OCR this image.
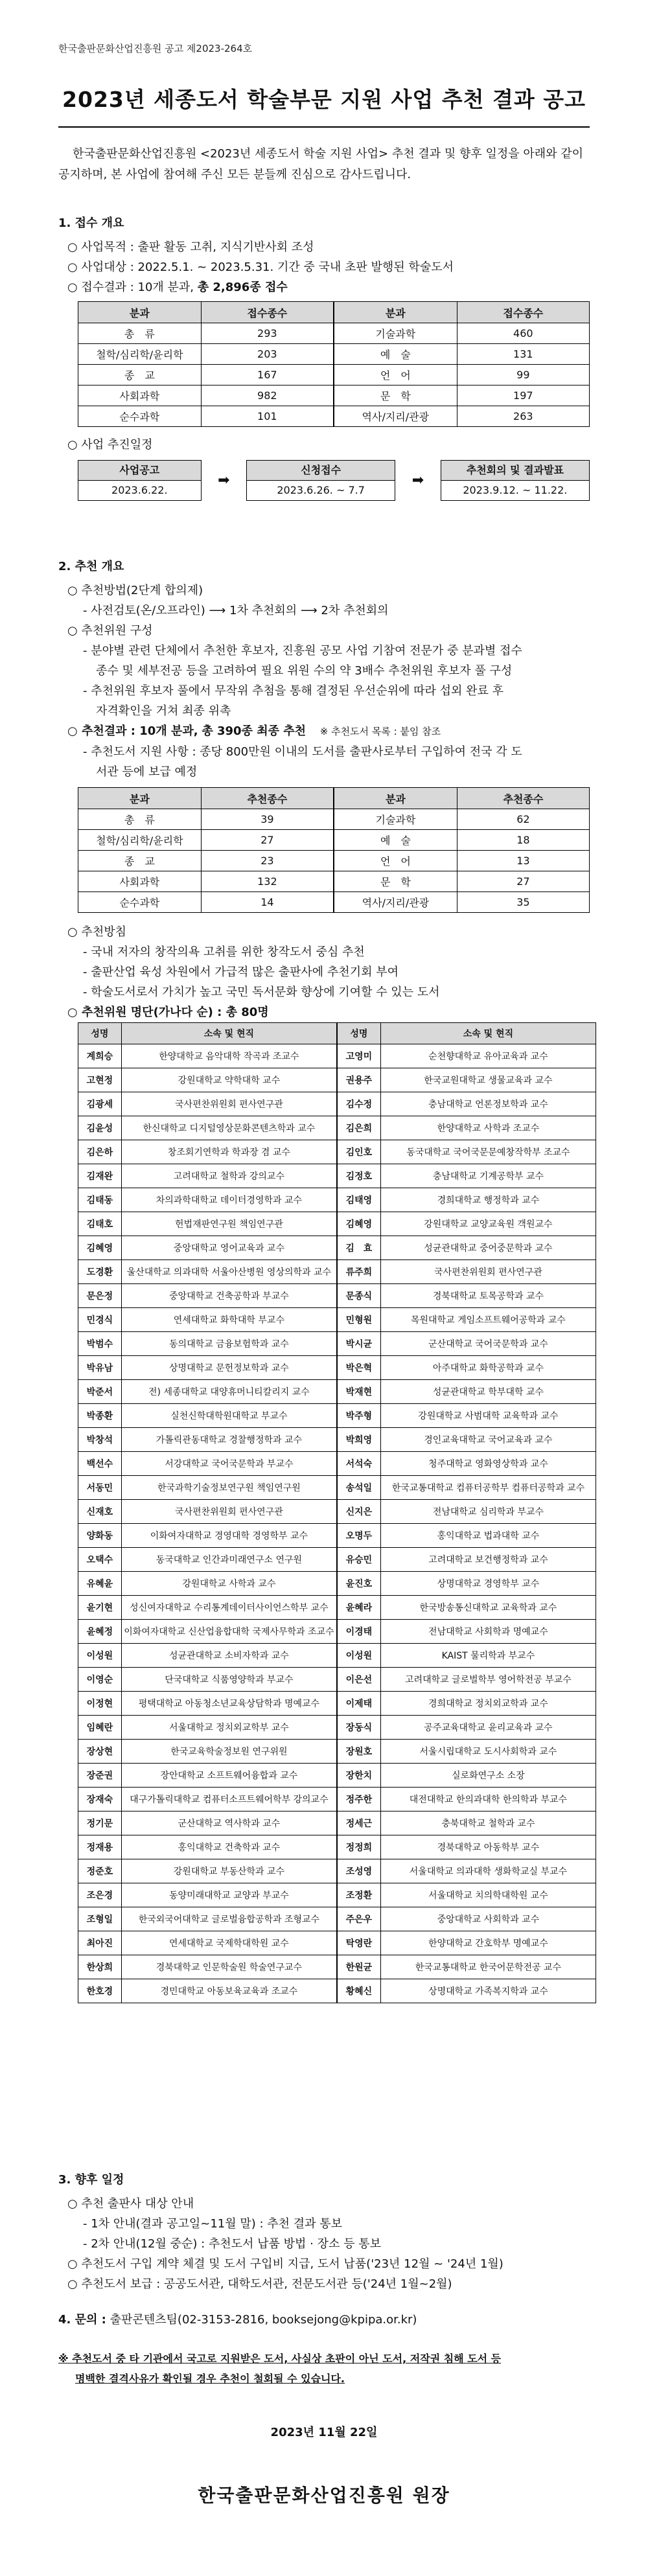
한국출판문화산업진흥원 공고 제2023-264호
2023년 세종도서 학술부문 지원 사업 추천 결과 공고
한국출판문화산업진흥원 <2023년 세종도서 학술 지원 사업> 추천 결과 및 향후 일정을 아래와 같이 공지하며, 본 사업에 참여해 주신 모든 분들께 진심으로 감사드립니다.

1. 접수 개요

○ 사업목적 : 출판 활동 고취, 지식기반사회 조성

○ 사업대상 : 2022.5.1. ~ 2023.5.31. 기간 중 국내 초판 발행된 학술도서

○ 접수결과 : 10개 분과, 총 2,896종 접수

분과	접수종수	분과	접수종수
총　류	293	기술과학	460
철학/심리학/윤리학	203	예　술	131
종　교	167	언　어	99
사회과학	982	문　학	197
순수과학	101	역사/지리/관광	263

○ 사업 추진일정

사업공고
2023.6.22.
➡
신청접수
2023.6.26. ~ 7.7
➡
추천회의 및 결과발표
2023.9.12. ~ 11.22.

2. 추천 개요

○ 추천방법(2단계 합의제)

- 사전검토(온/오프라인) ⟶ 1차 추천회의 ⟶ 2차 추천회의

○ 추천위원 구성

- 분야별 관련 단체에서 추천한 후보자, 진흥원 공모 사업 기참여 전문가 중 분과별 접수

종수 및 세부전공 등을 고려하여 필요 위원 수의 약 3배수 추천위원 후보자 풀 구성

- 추천위원 후보자 풀에서 무작위 추첨을 통해 결정된 우선순위에 따라 섭외 완료 후

자격확인을 거쳐 최종 위촉

○ 추천결과 : 10개 분과, 총 390종 최종 추천 ※ 추천도서 목록 : 붙임 참조

- 추천도서 지원 사항 : 종당 800만원 이내의 도서를 출판사로부터 구입하여 전국 각 도

서관 등에 보급 예정

분과	추천종수	분과	추천종수
총　류	39	기술과학	62
철학/심리학/윤리학	27	예　술	18
종　교	23	언　어	13
사회과학	132	문　학	27
순수과학	14	역사/지리/관광	35

○ 추천방침

- 국내 저자의 창작의욕 고취를 위한 창작도서 중심 추천

- 출판산업 육성 차원에서 가급적 많은 출판사에 추천기회 부여

- 학술도서로서 가치가 높고 국민 독서문화 향상에 기여할 수 있는 도서

○ 추천위원 명단(가나다 순) : 총 80명

성명	소속 및 현직	성명	소속 및 현직
계희승	한양대학교 음악대학 작곡과 조교수	고영미	순천향대학교 유아교육과 교수
고현정	강원대학교 약학대학 교수	권용주	한국교원대학교 생물교육과 교수
김광세	국사편찬위원회 편사연구관	김수정	충남대학교 언론정보학과 교수
김윤성	한신대학교 디지털영상문화콘텐츠학과 교수	김은희	한양대학교 사학과 조교수
김은하	창조회기연학과 학과장 겸 교수	김인호	동국대학교 국어국문문예창작학부 조교수
김재완	고려대학교 철학과 강의교수	김정호	충남대학교 기계공학부 교수
김태동	차의과학대학교 데이터경영학과 교수	김태영	경희대학교 행정학과 교수
김태호	헌법재판연구원 책임연구관	김혜영	강원대학교 교양교육원 객원교수
김혜영	중앙대학교 영어교육과 교수	김　효	성균관대학교 중어중문학과 교수
도경환	울산대학교 의과대학 서울아산병원 영상의학과 교수	류주희	국사편찬위원회 편사연구관
문은정	중앙대학교 건축공학과 부교수	문종식	경북대학교 토목공학과 교수
민경식	연세대학교 화학대학 부교수	민형원	목원대학교 게임소프트웨어공학과 교수
박범수	동의대학교 금융보험학과 교수	박시균	군산대학교 국어국문학과 교수
박유남	상명대학교 문헌정보학과 교수	박은혁	아주대학교 화학공학과 교수
박준서	전) 세종대학교 대양휴머니티칼리지 교수	박재현	성균관대학교 학부대학 교수
박종환	실천신학대학원대학교 부교수	박주형	강원대학교 사범대학 교육학과 교수
박창석	가톨릭관동대학교 경찰행정학과 교수	박희영	경인교육대학교 국어교육과 교수
백선수	서강대학교 국어국문학과 부교수	서석숙	청주대학교 영화영상학과 교수
서동민	한국과학기술정보연구원 책임연구원	송석일	한국교통대학교 컴퓨터공학부 컴퓨터공학과 교수
신재호	국사편찬위원회 편사연구관	신지은	전남대학교 심리학과 부교수
양화동	이화여자대학교 경영대학 경영학부 교수	오명두	홍익대학교 법과대학 교수
오택수	동국대학교 인간과미래연구소 연구원	유승민	고려대학교 보건행정학과 교수
유혜윤	강원대학교 사학과 교수	윤진호	상명대학교 경영학부 교수
윤기현	성신여자대학교 수리통계데이터사이언스학부 교수	윤혜라	한국방송통신대학교 교육학과 교수
윤혜정	이화여자대학교 신산업융합대학 국제사무학과 조교수	이경태	전남대학교 사회학과 명예교수
이성원	성균관대학교 소비자학과 교수	이성원	KAIST 물리학과 부교수
이영순	단국대학교 식품영양학과 부교수	이은선	고려대학교 글로벌학부 영어학전공 부교수
이정현	평택대학교 아동청소년교육상담학과 명예교수	이제태	경희대학교 정치외교학과 교수
임혜란	서울대학교 정치외교학부 교수	장동식	공주교육대학교 윤리교육과 교수
장상현	한국교육학술정보원 연구위원	장원호	서울시립대학교 도시사회학과 교수
장준권	장안대학교 소프트웨어융합과 교수	장한치	실로화연구소 소장
장재숙	대구가톨릭대학교 컴퓨터소프트웨어학부 강의교수	정주한	대전대학교 한의과대학 한의학과 부교수
정기문	군산대학교 역사학과 교수	정세근	충북대학교 철학과 교수
정재용	홍익대학교 건축학과 교수	정정희	경북대학교 아동학부 교수
정준호	강원대학교 부동산학과 교수	조성영	서울대학교 의과대학 생화학교실 부교수
조은경	동양미래대학교 교양과 부교수	조정환	서울대학교 치의학대학원 교수
조형일	한국외국어대학교 글로벌융합공학과 조형교수	주은우	중앙대학교 사회학과 교수
최아진	연세대학교 국제학대학원 교수	탁영란	한양대학교 간호학부 명예교수
한상희	경북대학교 인문학술원 학술연구교수	한원균	한국교통대학교 한국어문학전공 교수
한호경	경민대학교 아동보육교육과 조교수	황혜신	상명대학교 가족복지학과 교수

3. 향후 일정

○ 추천 출판사 대상 안내

- 1차 안내(결과 공고일~11월 말) : 추천 결과 통보

- 2차 안내(12월 중순) : 추천도서 납품 방법 · 장소 등 통보

○ 추천도서 구입 계약 체결 및 도서 구입비 지급, 도서 납품('23년 12월 ~ '24년 1월)

○ 추천도서 보급 : 공공도서관, 대학도서관, 전문도서관 등('24년 1월~2월)

4. 문의 : 출판콘텐츠팀(02-3153-2816, booksejong@kpipa.or.kr)

※ 추천도서 중 타 기관에서 국고로 지원받은 도서, 사실상 초판이 아닌 도서, 저작권 침해 도서 등

명백한 결격사유가 확인될 경우 추천이 철회될 수 있습니다.

2023년 11월 22일
한국출판문화산업진흥원 원장
